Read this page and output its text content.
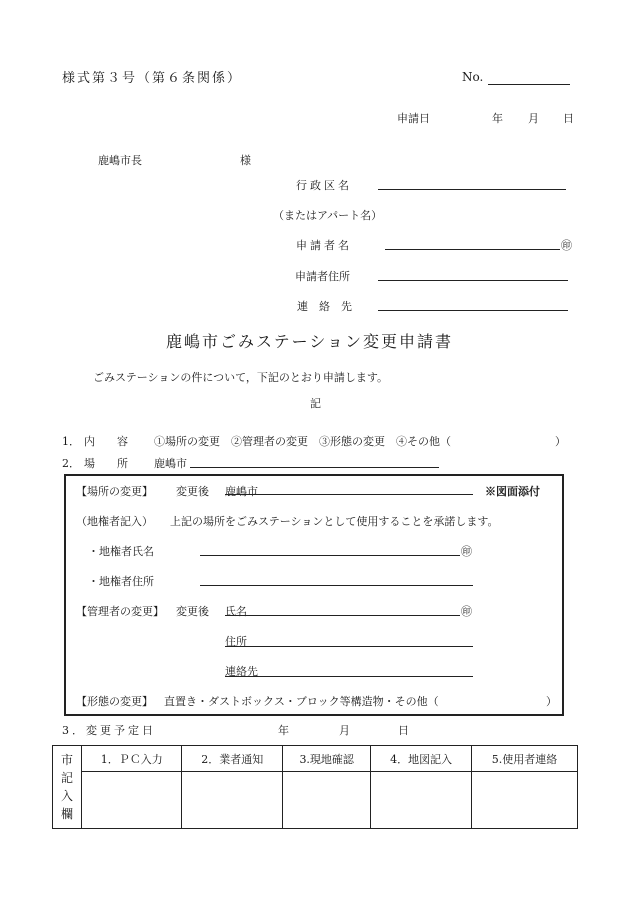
様式第３号（第６条関係）	No.
申請日	年 月 日
鹿嶋市長	様
行政区名
（またはアパート名）
申請者名	㊞
申請者住所
連　絡　先
鹿嶋市ごみステーション変更申請書
ごみステーションの件について，下記のとおり申請します。
記
1． 内　　容 ①場所の変更　②管理者の変更　③形態の変更　④その他（	）
2． 場　　所 鹿嶋市
【場所の変更】 変更後 鹿嶋市	※図面添付
（地権者記入） 上記の場所をごみステーションとして使用することを承諾します。
・地権者氏名	㊞
・地権者住所
【管理者の変更】 変更後 氏名	㊞
住所
連絡先
【形態の変更】 直置き・ダストボックス・ブロック等構造物・その他（	）
3．変更予定日	年	月	日
市
記
入
欄	1．ＰＣ入力	2．業者通知	3.現地確認	4．地図記入	5.使用者連絡
